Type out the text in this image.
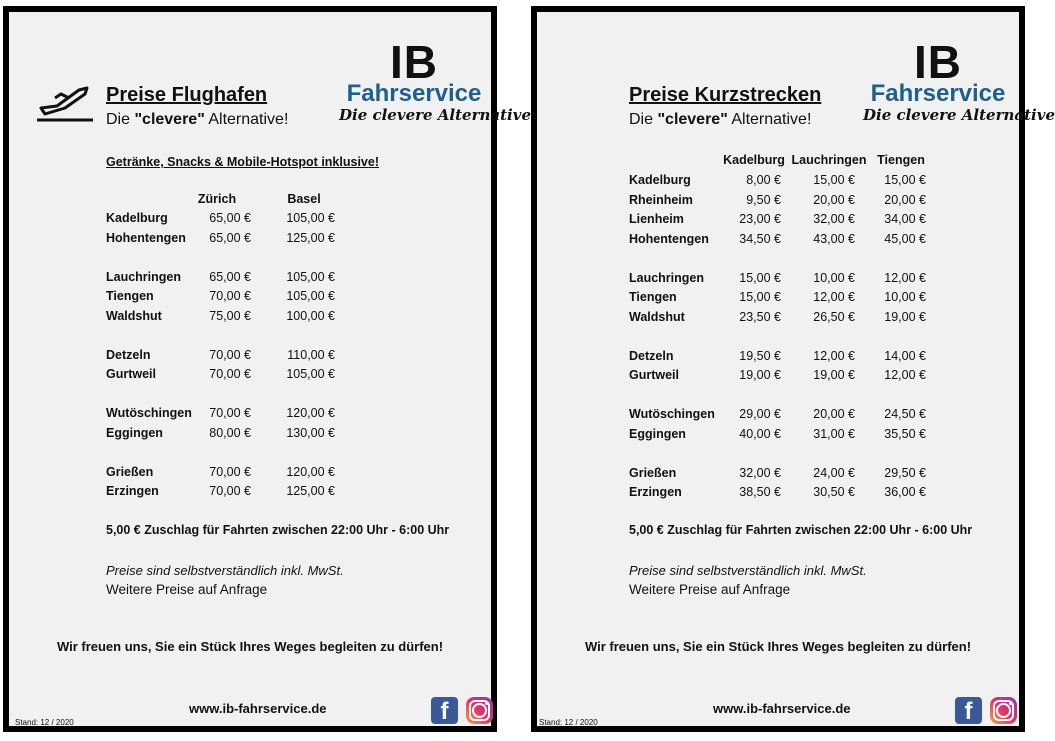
Preise Flughafen
Die "clevere" Alternative!
IB
Fahrservice
Die clevere Alternative
Getränke, Snacks & Mobile-Hotspot inklusive!
Zürich	Basel
Kadelburg	65,00 €	105,00 €
Hohentengen	65,00 €	125,00 €
Lauchringen	65,00 €	105,00 €
Tiengen	70,00 €	105,00 €
Waldshut	75,00 €	100,00 €
Detzeln	70,00 €	110,00 €
Gurtweil	70,00 €	105,00 €
Wutöschingen	70,00 €	120,00 €
Eggingen	80,00 €	130,00 €
Grießen	70,00 €	120,00 €
Erzingen	70,00 €	125,00 €
5,00 € Zuschlag für Fahrten zwischen 22:00 Uhr - 6:00 Uhr
Preise sind selbstverständlich inkl. MwSt.
Weitere Preise auf Anfrage
Wir freuen uns, Sie ein Stück Ihres Weges begleiten zu dürfen!
www.ib-fahrservice.de
Stand: 12 / 2020	f
Preise Kurzstrecken
Die "clevere" Alternative!
IB
Fahrservice
Die clevere Alternative
Kadelburg Lauchringen Tiengen
Kadelburg	8,00 €	15,00 €	15,00 €
Rheinheim	9,50 €	20,00 €	20,00 €
Lienheim	23,00 €	32,00 €	34,00 €
Hohentengen	34,50 €	43,00 €	45,00 €
Lauchringen	15,00 €	10,00 €	12,00 €
Tiengen	15,00 €	12,00 €	10,00 €
Waldshut	23,50 €	26,50 €	19,00 €
Detzeln	19,50 €	12,00 €	14,00 €
Gurtweil	19,00 €	19,00 €	12,00 €
Wutöschingen	29,00 €	20,00 €	24,50 €
Eggingen	40,00 €	31,00 €	35,50 €
Grießen	32,00 €	24,00 €	29,50 €
Erzingen	38,50 €	30,50 €	36,00 €
5,00 € Zuschlag für Fahrten zwischen 22:00 Uhr - 6:00 Uhr
Preise sind selbstverständlich inkl. MwSt.
Weitere Preise auf Anfrage
Wir freuen uns, Sie ein Stück Ihres Weges begleiten zu dürfen!
www.ib-fahrservice.de
Stand: 12 / 2020	f
